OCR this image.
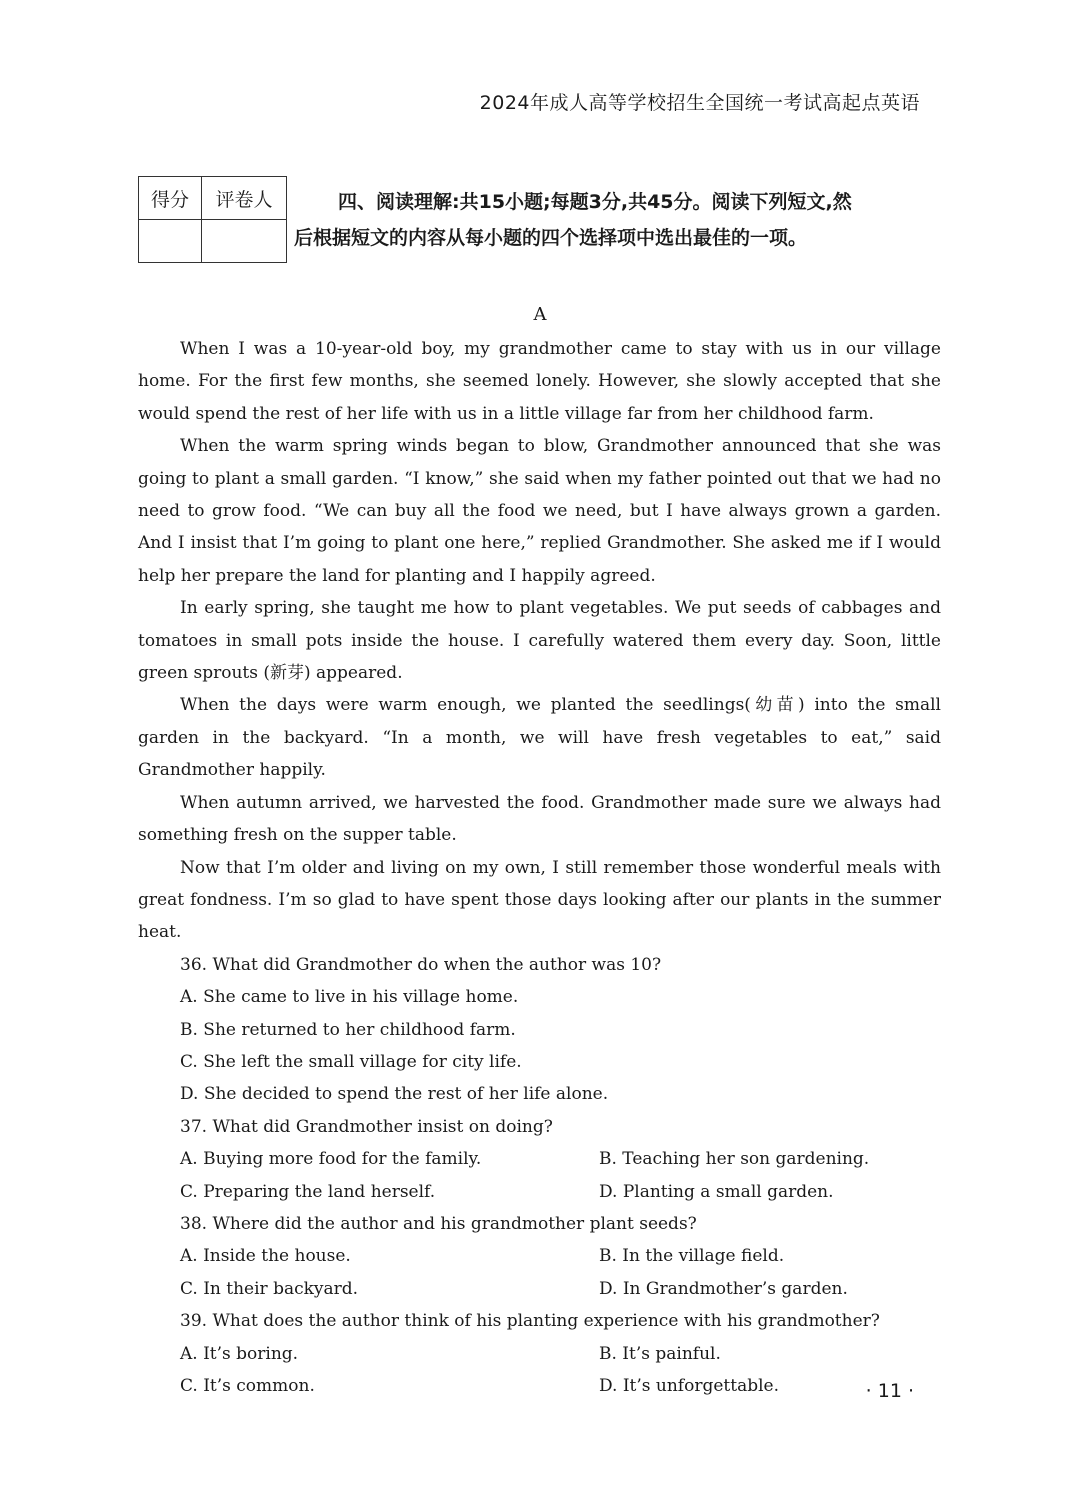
2024年成人高等学校招生全国统一考试高起点英语
得分	评卷人
		四、阅读理解:共15小题;每题3分,共45分。阅读下列短文,然
后根据短文的内容从每小题的四个选择项中选出最佳的一项。
A

When I was a 10-year-old boy, my grandmother came to stay with us in our village home. For the first few months, she seemed lonely. However, she slowly accepted that she would spend the rest of her life with us in a little village far from her childhood farm.

When the warm spring winds began to blow, Grandmother announced that she was going to plant a small garden. “I know,” she said when my father pointed out that we had no need to grow food. “We can buy all the food we need, but I have always grown a garden. And I insist that I’m going to plant one here,” replied Grandmother. She asked me if I would help her prepare the land for planting and I happily agreed.

In early spring, she taught me how to plant vegetables. We put seeds of cabbages and tomatoes in small pots inside the house. I carefully watered them every day. Soon, little green sprouts (新芽) appeared.

When the days were warm enough, we planted the seedlings(幼苗) into the small garden in the backyard. “In a month, we will have fresh vegetables to eat,” said Grandmother happily.

When autumn arrived, we harvested the food. Grandmother made sure we always had something fresh on the supper table.

Now that I’m older and living on my own, I still remember those wonderful meals with great fondness. I’m so glad to have spent those days looking after our plants in the summer heat.

36. What did Grandmother do when the author was 10?
A. She came to live in his village home.
B. She returned to her childhood farm.
C. She left the small village for city life.
D. She decided to spend the rest of her life alone.
37. What did Grandmother insist on doing?
A. Buying more food for the family.	B. Teaching her son gardening.
C. Preparing the land herself.	D. Planting a small garden.
38. Where did the author and his grandmother plant seeds?
A. Inside the house.	B. In the village field.
C. In their backyard.	D. In Grandmother’s garden.
39. What does the author think of his planting experience with his grandmother?
A. It’s boring.	B. It’s painful.
C. It’s common.	D. It’s unforgettable.	· 11 ·
